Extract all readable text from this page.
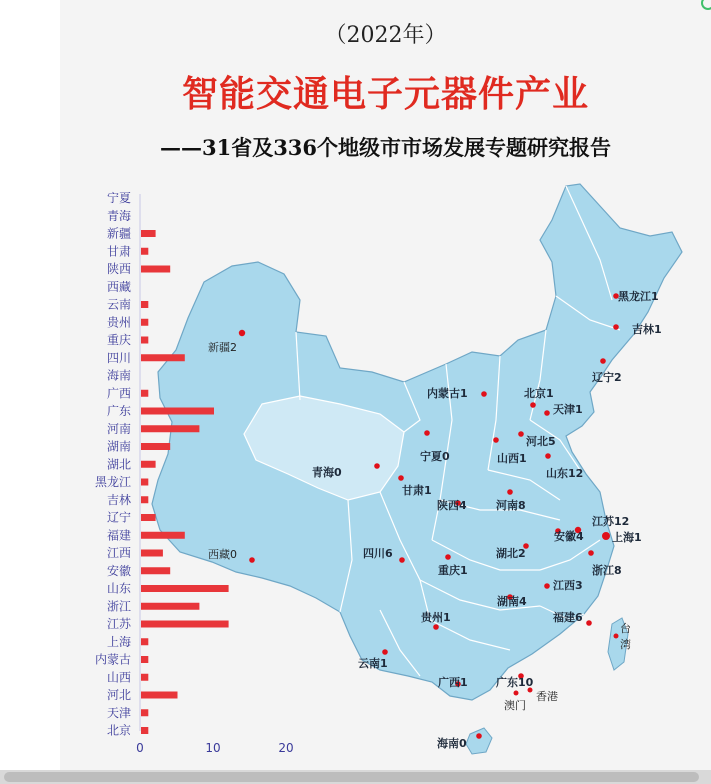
（2022年）
智能交通电子元器件产业
——31省及336个地级市市场发展专题研究报告
新疆2
西藏0
青海0
甘肃1
宁夏0
内蒙古1
黑龙江1
吉林1
辽宁2
北京1
天津1
河北5
山西1
山东12
陕西4	河南8
江苏12
上海1
安徽4
四川6	湖北2
重庆1	浙江8
江西3
湖南4
贵州1	福建6
云南1
广西1	广东10
海南0
香港
澳门
台
湾
宁夏
青海
新疆
甘肃
陕西
西藏
云南
贵州
重庆
四川
海南
广西
广东
河南
湖南
湖北
黑龙江
吉林
辽宁
福建
江西
安徽
山东
浙江
江苏
上海
内蒙古
山西
河北
天津
北京
0	10	20
